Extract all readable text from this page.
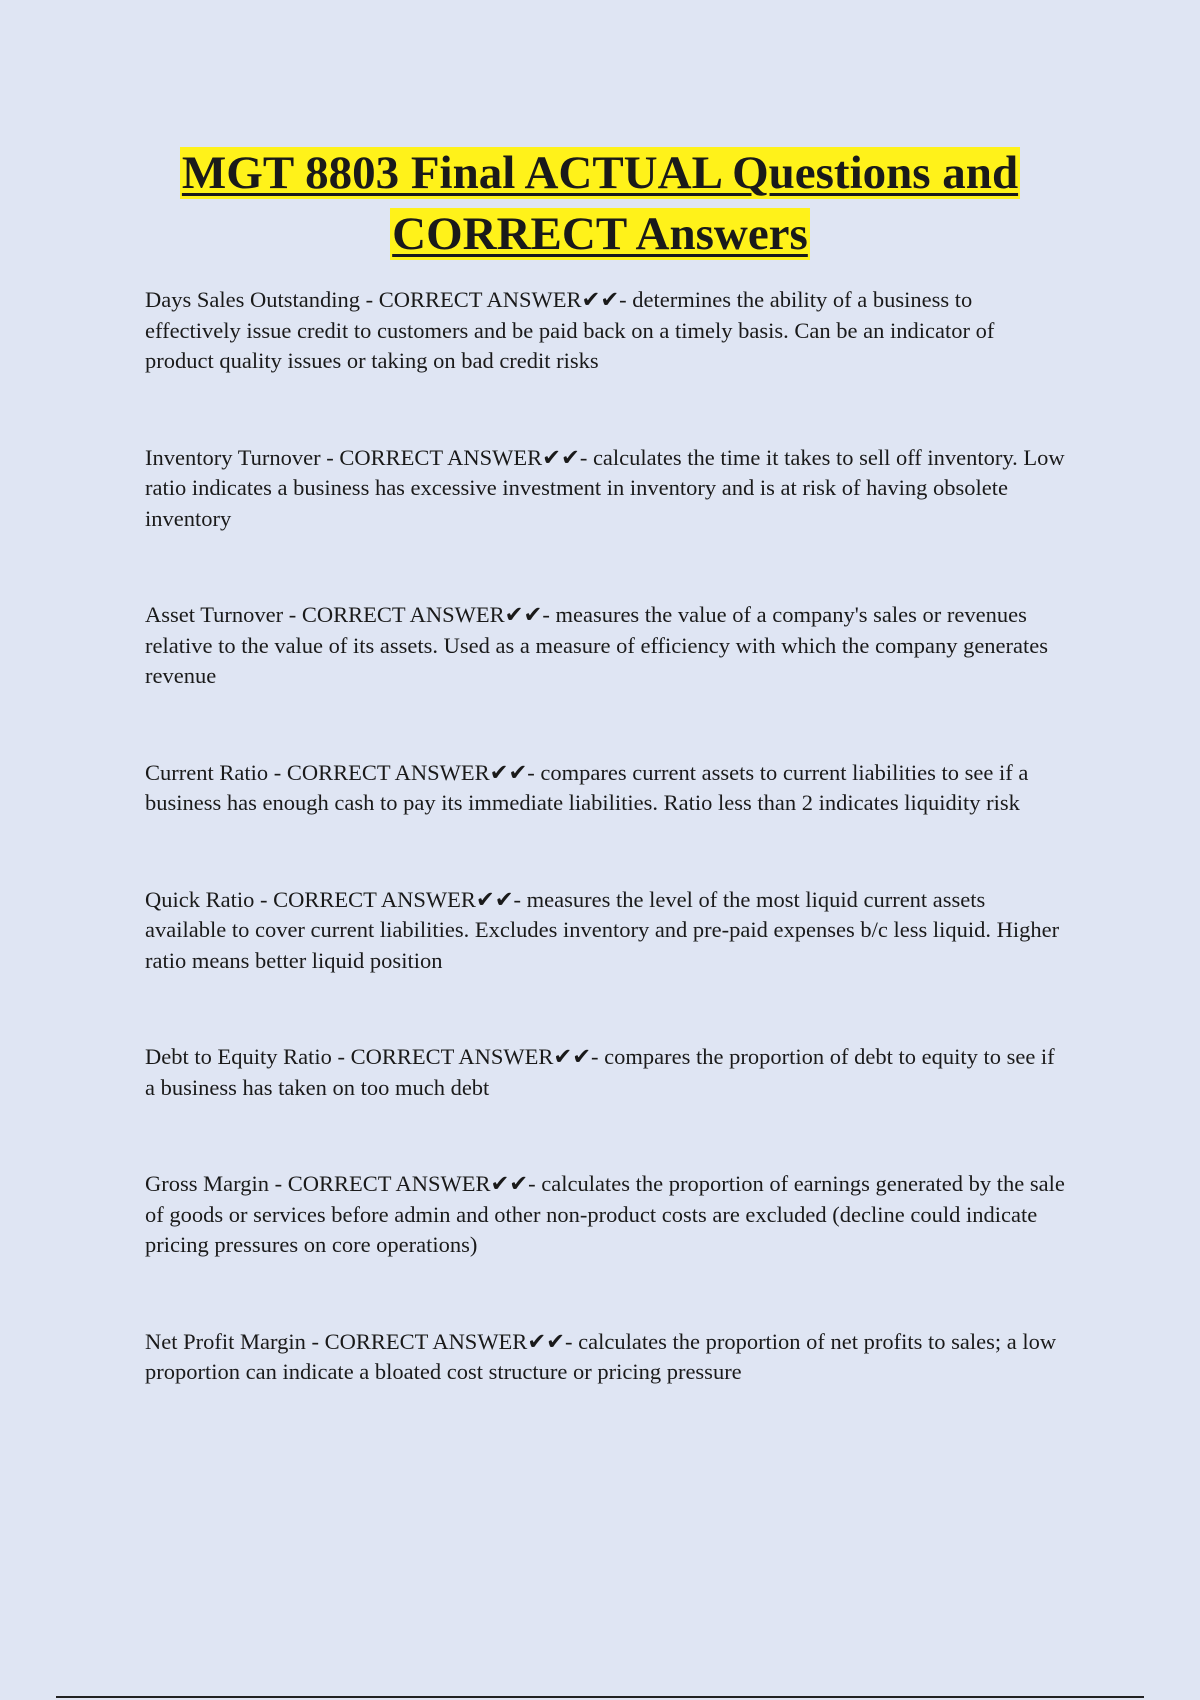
MGT 8803 Final ACTUAL Questions and
CORRECT Answers

Days Sales Outstanding - CORRECT ANSWER✔✔- determines the ability of a business to effectively issue credit to customers and be paid back on a timely basis. Can be an indicator of product quality issues or taking on bad credit risks

Inventory Turnover - CORRECT ANSWER✔✔- calculates the time it takes to sell off inventory. Low ratio indicates a business has excessive investment in inventory and is at risk of having obsolete inventory

Asset Turnover - CORRECT ANSWER✔✔- measures the value of a company's sales or revenues relative to the value of its assets. Used as a measure of efficiency with which the company generates revenue

Current Ratio - CORRECT ANSWER✔✔- compares current assets to current liabilities to see if a business has enough cash to pay its immediate liabilities. Ratio less than 2 indicates liquidity risk

Quick Ratio - CORRECT ANSWER✔✔- measures the level of the most liquid current assets available to cover current liabilities. Excludes inventory and pre-paid expenses b/c less liquid. Higher ratio means better liquid position

Debt to Equity Ratio - CORRECT ANSWER✔✔- compares the proportion of debt to equity to see if a business has taken on too much debt

Gross Margin - CORRECT ANSWER✔✔- calculates the proportion of earnings generated by the sale of goods or services before admin and other non-product costs are excluded (decline could indicate pricing pressures on core operations)

Net Profit Margin - CORRECT ANSWER✔✔- calculates the proportion of net profits to sales; a low proportion can indicate a bloated cost structure or pricing pressure
